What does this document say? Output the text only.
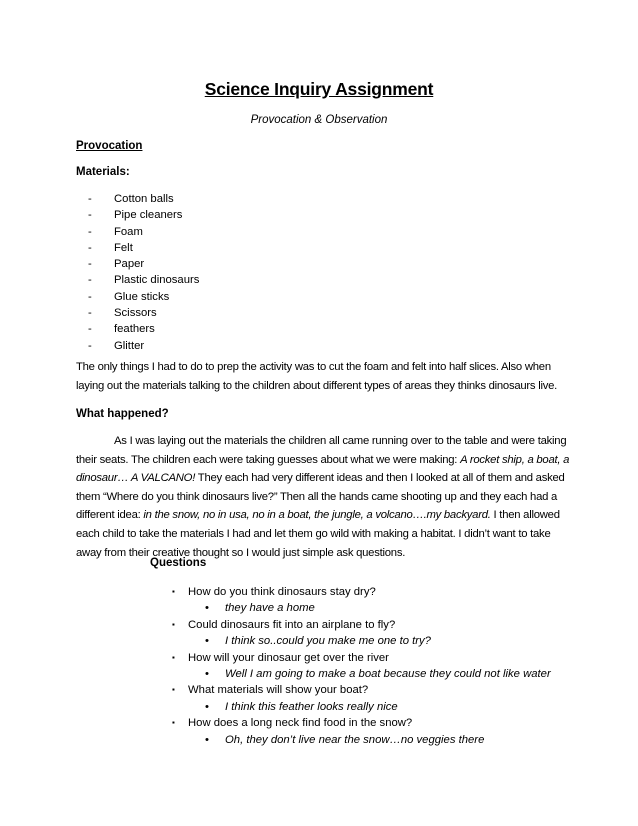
Science Inquiry Assignment
Provocation & Observation
Provocation
Materials:
- Cotton balls
- Pipe cleaners
- Foam
- Felt
- Paper
- Plastic dinosaurs
- Glue sticks
- Scissors
- feathers
- Glitter

The only things I had to do to prep the activity was to cut the foam and felt into half slices. Also when
laying out the materials talking to the children about different types of areas they thinks dinosaurs live.

What happened?

As I was laying out the materials the children all came running over to the table and were taking
their seats. The children each were taking guesses about what we were making: A rocket ship, a boat, a
dinosaur… A VALCANO! They each had very different ideas and then I looked at all of them and asked
them “Where do you think dinosaurs live?” Then all the hands came shooting up and they each had a
different idea: in the snow, no in usa, no in a boat, the jungle, a volcano….my backyard. I then allowed
each child to take the materials I had and let them go wild with making a habitat. I didn’t want to take
away from their creative thought so I would just simple ask questions.

Questions
▪ How do you think dinosaurs stay dry?
• they have a home
▪ Could dinosaurs fit into an airplane to fly?
• I think so..could you make me one to try?
▪ How will your dinosaur get over the river
• Well I am going to make a boat because they could not like water
▪ What materials will show your boat?
• I think this feather looks really nice
▪ How does a long neck find food in the snow?
• Oh, they don’t live near the snow…no veggies there
